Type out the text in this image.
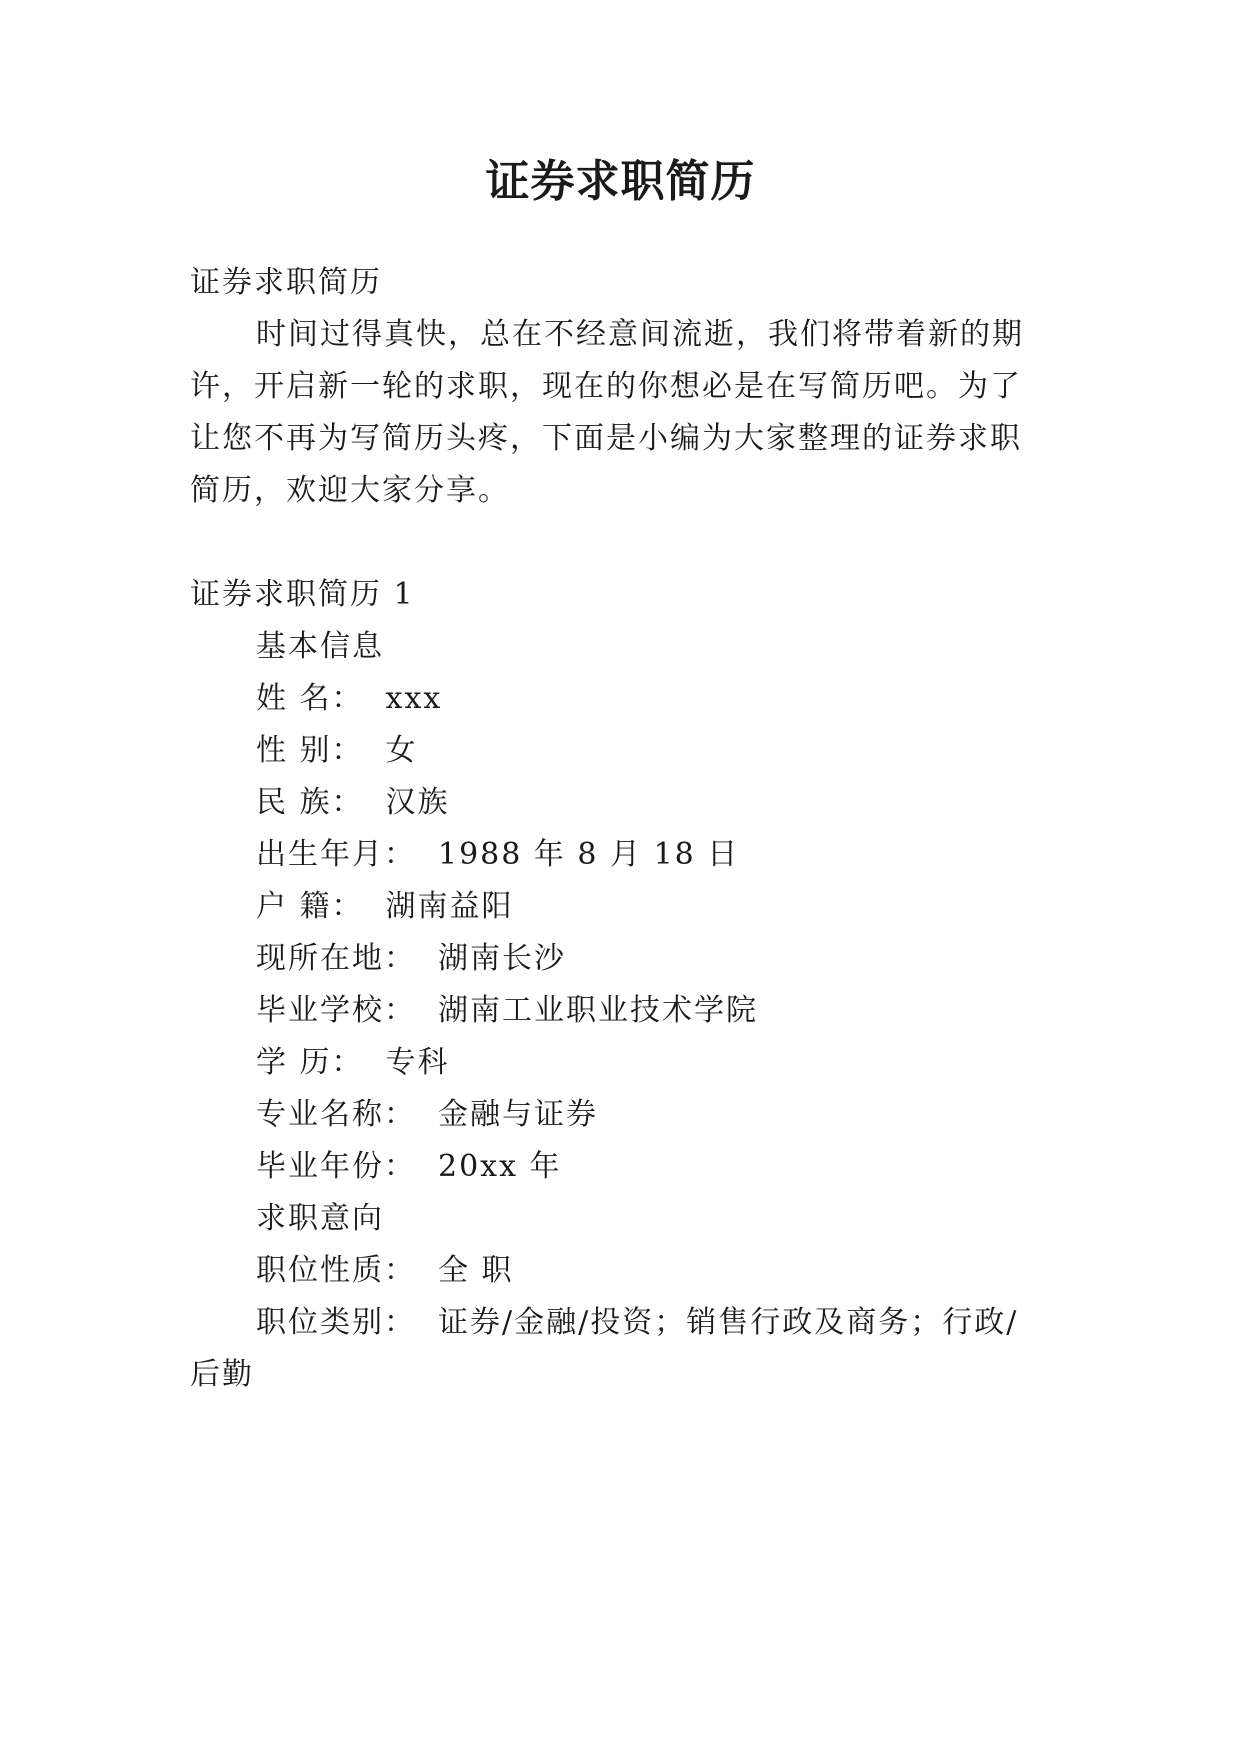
证券求职简历
证券求职简历
时间过得真快，总在不经意间流逝，我们将带着新的期
许，开启新一轮的求职，现在的你想必是在写简历吧。为了
让您不再为写简历头疼，下面是小编为大家整理的证券求职
简历，欢迎大家分享。
证券求职简历 1
基本信息
姓 名： xxx
性 别： 女
民 族： 汉族
出生年月： 1988 年 8 月 18 日
户 籍： 湖南益阳
现所在地： 湖南长沙
毕业学校： 湖南工业职业技术学院
学 历： 专科
专业名称： 金融与证券
毕业年份： 20xx 年
求职意向
职位性质： 全 职
职位类别： 证券/金融/投资；销售行政及商务；行政/
后勤
